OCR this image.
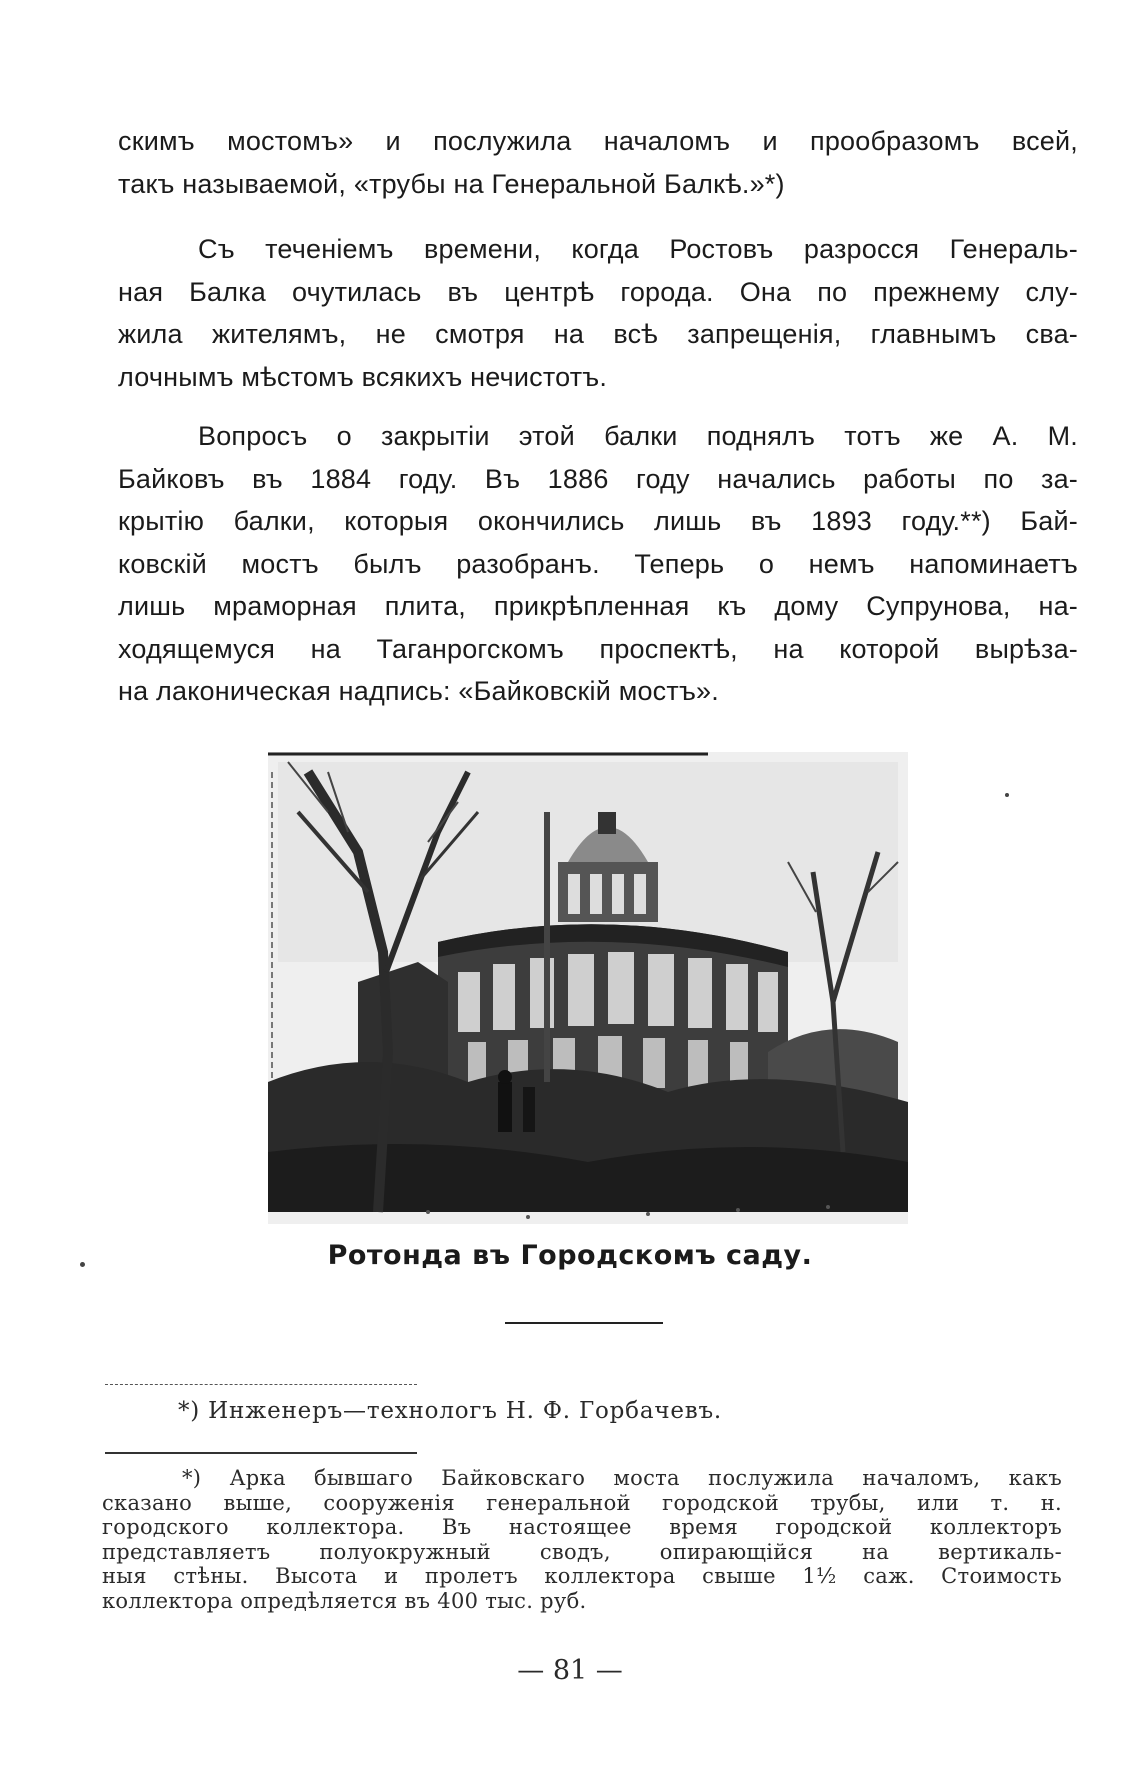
скимъ мостомъ» и послужила началомъ и прообразомъ всей,
такъ называемой, «трубы на Генеральной Балкѣ.»*)
Съ теченіемъ времени, когда Ростовъ разросся Генераль-
ная Балка очутилась въ центрѣ города. Она по прежнему слу-
жила жителямъ, не смотря на всѣ запрещенія, главнымъ сва-
лочнымъ мѣстомъ всякихъ нечистотъ.
Вопросъ о закрытіи этой балки поднялъ тотъ же А. М.
Байковъ въ 1884 году. Въ 1886 году начались работы по за-
крытію балки, которыя окончились лишь въ 1893 году.**) Бай-
ковскій мостъ былъ разобранъ. Теперь о немъ напоминаетъ
лишь мраморная плита, прикрѣпленная къ дому Супрунова, на-
ходящемуся на Таганрогскомъ проспектѣ, на которой вырѣза-
на лаконическая надпись: «Байковскій мостъ».
Ротонда въ Городскомъ саду.
*) Инженеръ—технологъ Н. Ф. Горбачевъ.
*) Арка бывшаго Байковскаго моста послужила началомъ, какъ
сказано выше, сооруженія генеральной городской трубы, или т. н.
городского коллектора. Въ настоящее время городской коллекторъ
представляетъ полуокружный сводъ, опирающійся на вертикаль-
ныя стѣны. Высота и пролетъ коллектора свыше 1½ саж. Стоимость
коллектора опредѣляется въ 400 тыс. руб.
— 81 —
